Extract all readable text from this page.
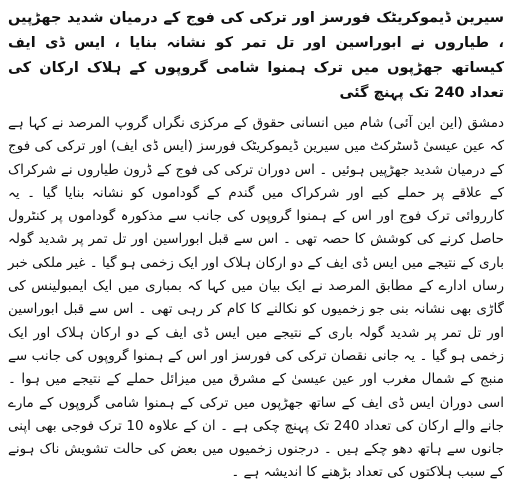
سیرین ڈیموکریٹک فورسز اور ترکی کی فوج کے درمیان شدید جھڑپیں ، طیاروں نے ابوراسین اور تل تمر کو نشانہ بنایا ، ایس ڈی ایف کیساتھ جھڑپوں میں ترک ہمنوا شامی گروپوں کے ہلاک ارکان کی تعداد 240 تک پہنچ گئی

دمشق (این این آئی) شام میں انسانی حقوق کے مرکزی نگراں گروپ المرصد نے کہا ہے کہ عین عیسیٰ ڈسٹرکٹ میں سیرین ڈیموکریٹک فورسز (ایس ڈی ایف) اور ترکی کی فوج کے درمیان شدید جھڑپیں ہوئیں ۔ اس دوران ترکی کی فوج کے ڈرون طیاروں نے شرکراک کے علاقے پر حملے کیے اور شرکراک میں گندم کے گوداموں کو نشانہ بنایا گیا ۔ یہ کارروائی ترک فوج اور اس کے ہمنوا گروپوں کی جانب سے مذکورہ گوداموں پر کنٹرول حاصل کرنے کی کوشش کا حصہ تھی ۔ اس سے قبل ابوراسین اور تل تمر پر شدید گولہ باری کے نتیجے میں ایس ڈی ایف کے دو ارکان ہلاک اور ایک زخمی ہو گیا ۔ غیر ملکی خبر رساں ادارے کے مطابق المرصد نے ایک بیان میں کہا کہ بمباری میں ایک ایمبولینس کی گاڑی بھی نشانہ بنی جو زخمیوں کو نکالنے کا کام کر رہی تھی ۔ اس سے قبل ابوراسین اور تل تمر پر شدید گولہ باری کے نتیجے میں ایس ڈی ایف کے دو ارکان ہلاک اور ایک زخمی ہو گیا ۔ یہ جانی نقصان ترکی کی فورسز اور اس کے ہمنوا گروپوں کی جانب سے منبج کے شمال مغرب اور عین عیسیٰ کے مشرق میں میزائل حملے کے نتیجے میں ہوا ۔ اسی دوران ایس ڈی ایف کے ساتھ جھڑپوں میں ترکی کے ہمنوا شامی گروپوں کے مارے جانے والے ارکان کی تعداد 240 تک پہنچ چکی ہے ۔ ان کے علاوہ 10 ترک فوجی بھی اپنی جانوں سے ہاتھ دھو چکے ہیں ۔ درجنوں زخمیوں میں بعض کی حالت تشویش ناک ہونے کے سبب ہلاکتوں کی تعداد بڑھنے کا اندیشہ ہے ۔
